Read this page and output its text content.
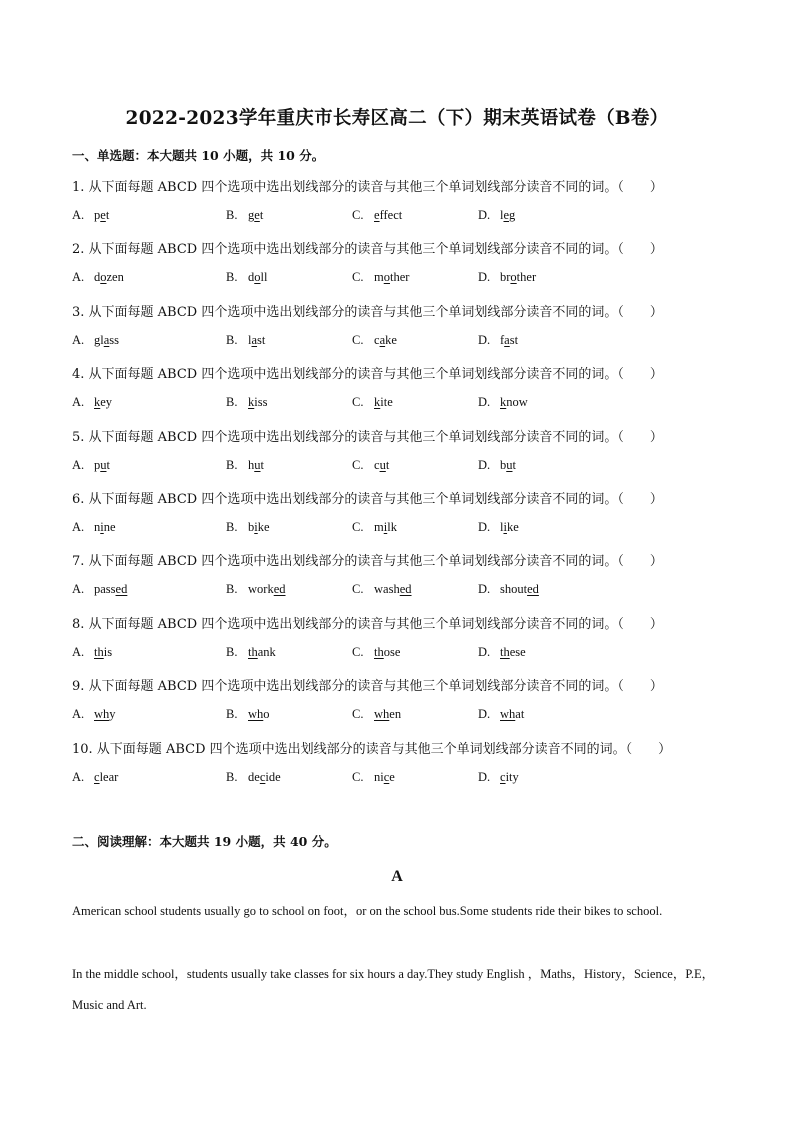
2022-2023学年重庆市长寿区高二（下）期末英语试卷（B卷）
一、单选题：本大题共 10 小题，共 10 分。
1. 从下面每题 ABCD 四个选项中选出划线部分的读音与其他三个单词划线部分读音不同的词。（　　）
A. pet	B. get	C. effect	D. leg
2. 从下面每题 ABCD 四个选项中选出划线部分的读音与其他三个单词划线部分读音不同的词。（　　）
A. dozen	B. doll	C. mother	D. brother
3. 从下面每题 ABCD 四个选项中选出划线部分的读音与其他三个单词划线部分读音不同的词。（　　）
A. glass	B. last	C. cake	D. fast
4. 从下面每题 ABCD 四个选项中选出划线部分的读音与其他三个单词划线部分读音不同的词。（　　）
A. key	B. kiss	C. kite	D. know
5. 从下面每题 ABCD 四个选项中选出划线部分的读音与其他三个单词划线部分读音不同的词。（　　）
A. put	B. hut	C. cut	D. but
6. 从下面每题 ABCD 四个选项中选出划线部分的读音与其他三个单词划线部分读音不同的词。（　　）
A. nine	B. bike	C. milk	D. like
7. 从下面每题 ABCD 四个选项中选出划线部分的读音与其他三个单词划线部分读音不同的词。（　　）
A. passed	B. worked	C. washed	D. shouted
8. 从下面每题 ABCD 四个选项中选出划线部分的读音与其他三个单词划线部分读音不同的词。（　　）
A. this	B. thank	C. those	D. these
9. 从下面每题 ABCD 四个选项中选出划线部分的读音与其他三个单词划线部分读音不同的词。（　　）
A. why	B. who	C. when	D. what
10. 从下面每题 ABCD 四个选项中选出划线部分的读音与其他三个单词划线部分读音不同的词。（　　）
A. clear	B. decide	C. nice	D. city
二、阅读理解：本大题共 19 小题，共 40 分。
A
American school students usually go to school on foot，or on the school bus.Some students ride their bikes to school.
In the middle school，students usually take classes for six hours a day.They study English ，Maths，History，Science，P.E，Music and Art.
